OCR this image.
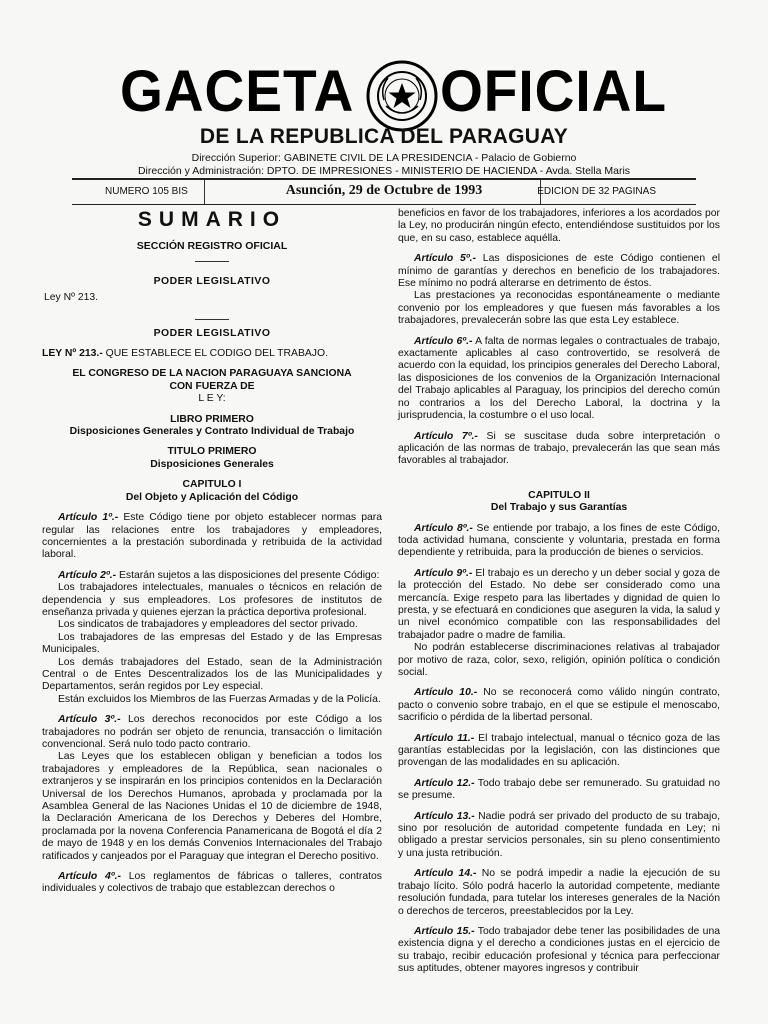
GACETA OFICIAL
DE LA REPUBLICA DEL PARAGUAY
Dirección Superior: GABINETE CIVIL DE LA PRESIDENCIA - Palacio de Gobierno
Dirección y Administración: DPTO. DE IMPRESIONES - MINISTERIO DE HACIENDA - Avda. Stella Maris
NUMERO 105 BIS	Asunción, 29 de Octubre de 1993	EDICION DE 32 PAGINAS
SUMARIO
SECCIÓN REGISTRO OFICIAL
PODER LEGISLATIVO
Ley Nº 213.
PODER LEGISLATIVO

LEY Nº 213.- QUE ESTABLECE EL CODIGO DEL TRABAJO.

EL CONGRESO DE LA NACION PARAGUAYA SANCIONA
CON FUERZA DE
L E Y:
LIBRO PRIMERO
Disposiciones Generales y Contrato Individual de Trabajo
TITULO PRIMERO
Disposiciones Generales
CAPITULO I
Del Objeto y Aplicación del Código

Artículo 1º.- Este Código tiene por objeto establecer normas para regular las relaciones entre los trabajadores y empleadores, concernientes a la prestación subordinada y retribuida de la actividad laboral.

Artículo 2º.- Estarán sujetos a las disposiciones del presente Código:

Los trabajadores intelectuales, manuales o técnicos en relación de dependencia y sus empleadores. Los profesores de institutos de enseñanza privada y quienes ejerzan la práctica deportiva profesional.

Los sindicatos de trabajadores y empleadores del sector privado.

Los trabajadores de las empresas del Estado y de las Empresas Municipales.

Los demás trabajadores del Estado, sean de la Administración Central o de Entes Descentralizados los de las Municipalidades y Departamentos, serán regidos por Ley especial.

Están excluidos los Miembros de las Fuerzas Armadas y de la Policía.

Artículo 3º.- Los derechos reconocidos por este Código a los trabajadores no podrán ser objeto de renuncia, transacción o limitación convencional. Será nulo todo pacto contrario.

Las Leyes que los establecen obligan y benefician a todos los trabajadores y empleadores de la República, sean nacionales o extranjeros y se inspirarán en los principios contenidos en la Declaración Universal de los Derechos Humanos, aprobada y proclamada por la Asamblea General de las Naciones Unidas el 10 de diciembre de 1948, la Declaración Americana de los Derechos y Deberes del Hombre, proclamada por la novena Conferencia Panamericana de Bogotá el día 2 de mayo de 1948 y en los demás Convenios Internacionales del Trabajo ratificados y canjeados por el Paraguay que integran el Derecho positivo.

Artículo 4º.- Los reglamentos de fábricas o talleres, contratos individuales y colectivos de trabajo que establezcan derechos o

beneficios en favor de los trabajadores, inferiores a los acordados por la Ley, no producirán ningún efecto, entendiéndose sustituidos por los que, en su caso, establece aquélla.

Artículo 5º.- Las disposiciones de este Código contienen el mínimo de garantías y derechos en beneficio de los trabajadores. Ese mínimo no podrá alterarse en detrimento de éstos.

Las prestaciones ya reconocidas espontáneamente o mediante convenio por los empleadores y que fuesen más favorables a los trabajadores, prevalecerán sobre las que esta Ley establece.

Artículo 6º.- A falta de normas legales o contractuales de trabajo, exactamente aplicables al caso controvertido, se resolverá de acuerdo con la equidad, los principios generales del Derecho Laboral, las disposiciones de los convenios de la Organización Internacional del Trabajo aplicables al Paraguay, los principios del derecho común no contrarios a los del Derecho Laboral, la doctrina y la jurisprudencia, la costumbre o el uso local.

Artículo 7º.- Si se suscitase duda sobre interpretación o aplicación de las normas de trabajo, prevalecerán las que sean más favorables al trabajador.

CAPITULO II
Del Trabajo y sus Garantías

Artículo 8º.- Se entiende por trabajo, a los fines de este Código, toda actividad humana, consciente y voluntaria, prestada en forma dependiente y retribuida, para la producción de bienes o servicios.

Artículo 9º.- El trabajo es un derecho y un deber social y goza de la protección del Estado. No debe ser considerado como una mercancía. Exige respeto para las libertades y dignidad de quien lo presta, y se efectuará en condiciones que aseguren la vida, la salud y un nivel económico compatible con las responsabilidades del trabajador padre o madre de familia.

No podrán establecerse discriminaciones relativas al trabajador por motivo de raza, color, sexo, religión, opinión política o condición social.

Artículo 10.- No se reconocerá como válido ningún contrato, pacto o convenio sobre trabajo, en el que se estipule el menoscabo, sacrificio o pérdida de la libertad personal.

Artículo 11.- El trabajo intelectual, manual o técnico goza de las garantías establecidas por la legislación, con las distinciones que provengan de las modalidades en su aplicación.

Artículo 12.- Todo trabajo debe ser remunerado. Su gratuidad no se presume.

Artículo 13.- Nadie podrá ser privado del producto de su trabajo, sino por resolución de autoridad competente fundada en Ley; ni obligado a prestar servicios personales, sin su pleno consentimiento y una justa retribución.

Artículo 14.- No se podrá impedir a nadie la ejecución de su trabajo lícito. Sólo podrá hacerlo la autoridad competente, mediante resolución fundada, para tutelar los intereses generales de la Nación o derechos de terceros, preestablecidos por la Ley.

Artículo 15.- Todo trabajador debe tener las posibilidades de una existencia digna y el derecho a condiciones justas en el ejercicio de su trabajo, recibir educación profesional y técnica para perfeccionar sus aptitudes, obtener mayores ingresos y contribuir
